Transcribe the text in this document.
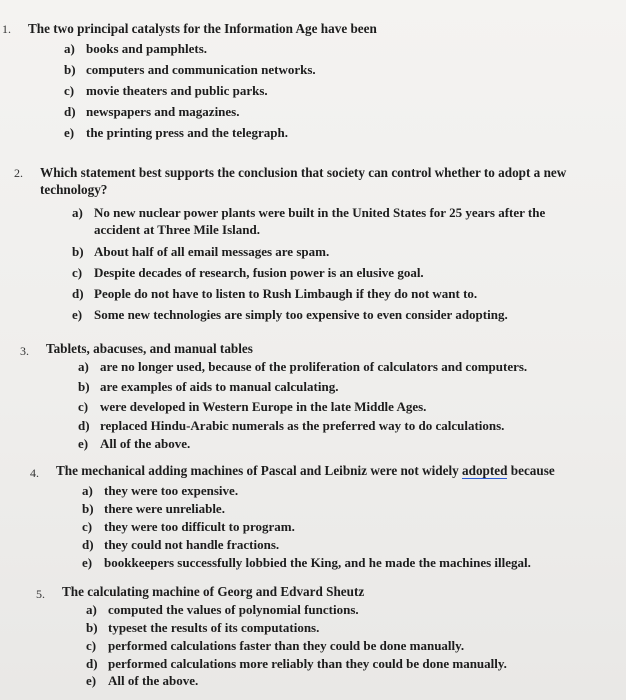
1. The two principal catalysts for the Information Age have been

a) books and pamphlets.
b) computers and communication networks.
c) movie theaters and public parks.
d) newspapers and magazines.
e) the printing press and the telegraph.
2. Which statement best supports the conclusion that society can control whether to adopt a new technology?

a) No new nuclear power plants were built in the United States for 25 years after the
accident at Three Mile Island.
b) About half of all email messages are spam.
c) Despite decades of research, fusion power is an elusive goal.
d) People do not have to listen to Rush Limbaugh if they do not want to.
e) Some new technologies are simply too expensive to even consider adopting.
3. Tablets, abacuses, and manual tables

a) are no longer used, because of the proliferation of calculators and computers.
b) are examples of aids to manual calculating.
c) were developed in Western Europe in the late Middle Ages.
d) replaced Hindu-Arabic numerals as the preferred way to do calculations.
e) All of the above.
4. The mechanical adding machines of Pascal and Leibniz were not widely adopted because

a) they were too expensive.
b) there were unreliable.
c) they were too difficult to program.
d) they could not handle fractions.
e) bookkeepers successfully lobbied the King, and he made the machines illegal.
5. The calculating machine of Georg and Edvard Sheutz

a) computed the values of polynomial functions.
b) typeset the results of its computations.
c) performed calculations faster than they could be done manually.
d) performed calculations more reliably than they could be done manually.
e) All of the above.
